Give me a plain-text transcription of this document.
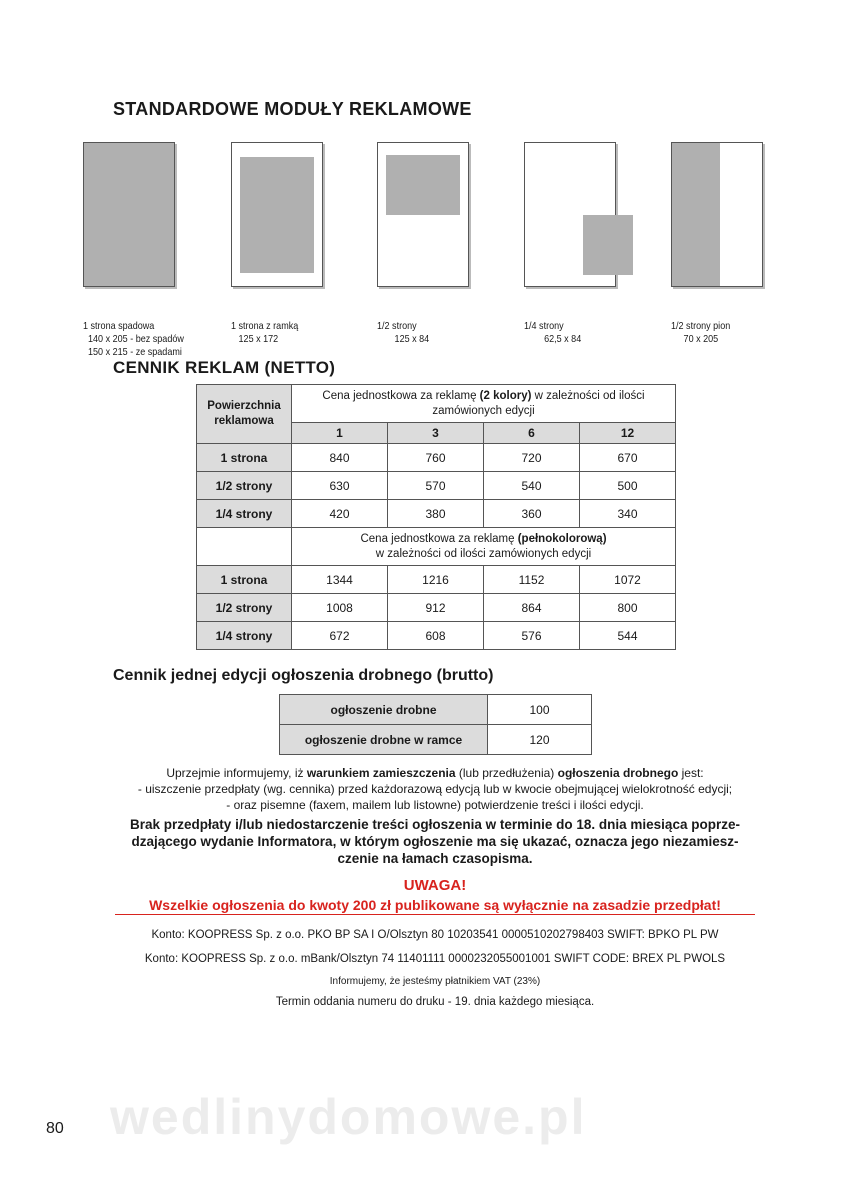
STANDARDOWE MODUŁY REKLAMOWE

1 strona spadowa
140 x 205 - bez spadów
150 x 215 - ze spadami

1 strona z ramką
125 x 172

1/2 strony
125 x 84

1/4 strony
62,5 x 84

1/2 strony pion
70 x 205

CENNIK REKLAM (NETTO)
Powierzchnia reklamowa	Cena jednostkowa za reklamę (2 kolory) w zależności od ilości zamówionych edycji			
	1	3	6	12
1 strona	840	760	720	670
1/2 strony	630	570	540	500
1/4 strony	420	380	360	340
	Cena jednostkowa za reklamę (pełnokolorową)
w zależności od ilości zamówionych edycji			
1 strona	1344	1216	1152	1072
1/2 strony	1008	912	864	800
1/4 strony	672	608	576	544
Cennik jednej edycji ogłoszenia drobnego (brutto)
ogłoszenie drobne	100
ogłoszenie drobne w ramce	120
Uprzejmie informujemy, iż warunkiem zamieszczenia (lub przedłużenia) ogłoszenia drobnego jest:
- uiszczenie przedpłaty (wg. cennika) przed każdorazową edycją lub w kwocie obejmującej wielokrotność edycji;
- oraz pisemne (faxem, mailem lub listowne) potwierdzenie treści i ilości edycji.
Brak przedpłaty i/lub niedostarczenie treści ogłoszenia w terminie do 18. dnia miesiąca poprze-
dzającego wydanie Informatora, w którym ogłoszenie ma się ukazać, oznacza jego niezamiesz-
czenie na łamach czasopisma.
UWAGA!
Wszelkie ogłoszenia do kwoty 200 zł publikowane są wyłącznie na zasadzie przedpłat!
Konto: KOOPRESS Sp. z o.o. PKO BP SA I O/Olsztyn 80 10203541 0000510202798403 SWIFT: BPKO PL PW
Konto: KOOPRESS Sp. z o.o. mBank/Olsztyn 74 11401111 0000232055001001 SWIFT CODE: BREX PL PWOLS
Informujemy, że jesteśmy płatnikiem VAT (23%)
Termin oddania numeru do druku - 19. dnia każdego miesiąca.
wedlinydomowe.pl
80
